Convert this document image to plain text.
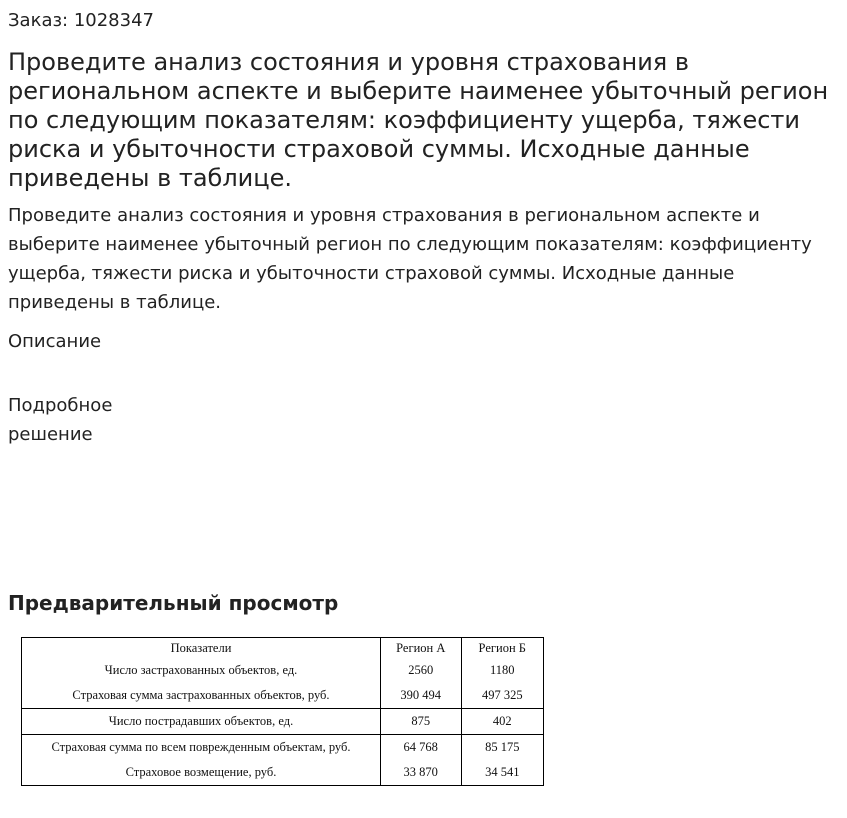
Заказ: 1028347
Проведите анализ состояния и уровня страхования в региональном аспекте и выберите наименее убыточный регион по следующим показателям: коэффициенту ущерба, тяжести риска и убыточности страховой суммы. Исходные данные приведены в таблице.

Проведите анализ состояния и уровня страхования в региональном аспекте и выберите наименее убыточный регион по следующим показателям: коэффициенту ущерба, тяжести риска и убыточности страховой суммы. Исходные данные приведены в таблице.

Описание
Подробное решение
Предварительный просмотр
Показатели	Регион А	Регион Б
Число застрахованных объектов, ед.	2560	1180
Страховая сумма застрахованных объектов, руб.	390 494	497 325
Число пострадавших объектов, ед.	875	402
Страховая сумма по всем поврежденным объектам, руб.	64 768	85 175
Страховое возмещение, руб.	33 870	34 541
